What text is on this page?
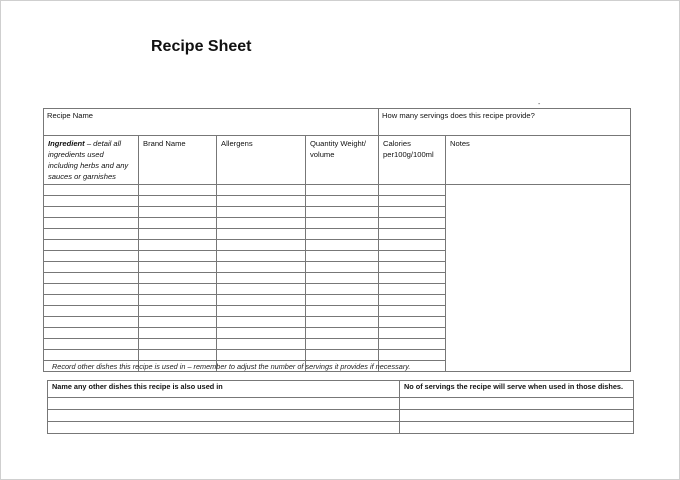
Recipe Sheet
-
Recipe Name				How many servings does this recipe provide?	
Ingredient – detail all ingredients used including herbs and any sauces or garnishes	Brand Name	Allergens	Quantity Weight/ volume	Calories per100g/100ml	Notes

Record other dishes this recipe is used in – remember to adjust the number of servings it provides if necessary.
Name any other dishes this recipe is also used in	No of servings the recipe will serve when used in those dishes.
